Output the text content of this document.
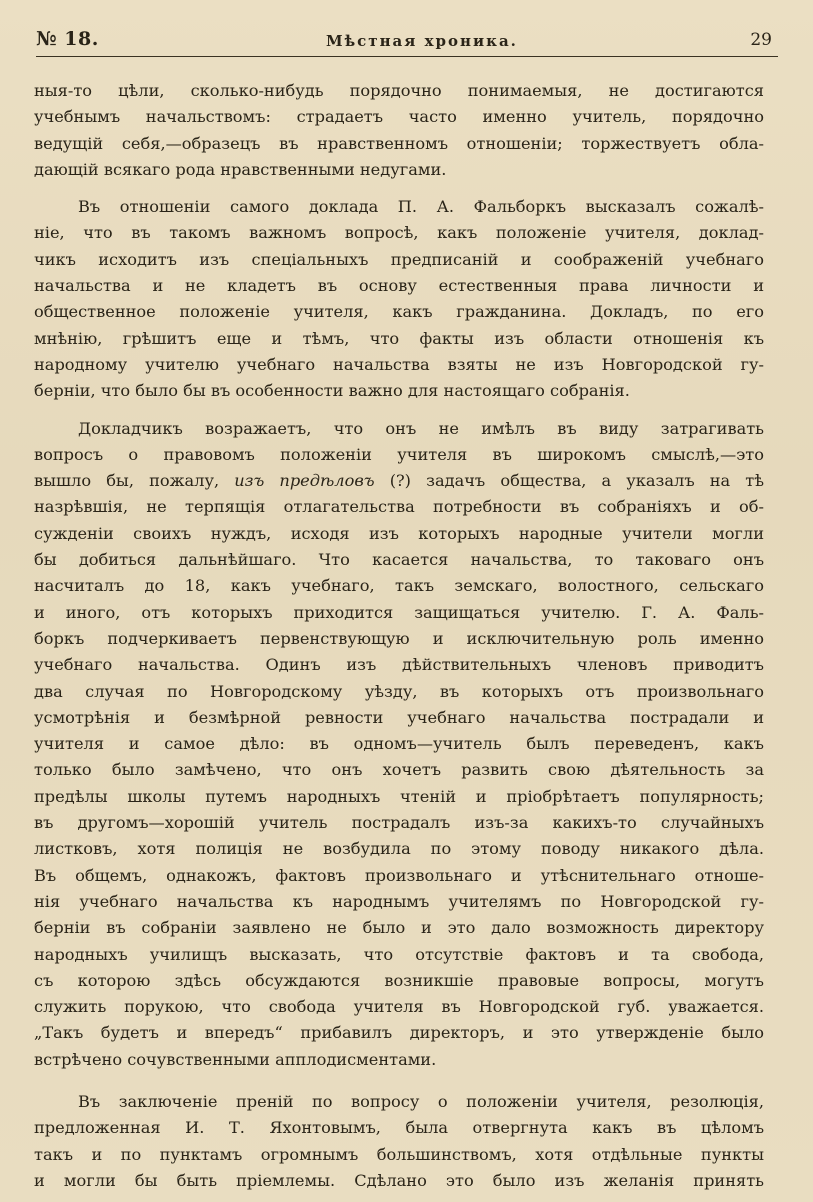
№ 18.	Мѣстная хроника.	29
ныя-то цѣли, сколько-нибудь порядочно понимаемыя, не достигаются
учебнымъ начальствомъ: страдаетъ часто именно учитель, порядочно
ведущій себя,—образецъ въ нравственномъ отношеніи; торжествуетъ обла-
дающій всякаго рода нравственными недугами.
Въ отношеніи самого доклада П. А. Фальборкъ высказалъ сожалѣ-
ніе, что въ такомъ важномъ вопросѣ, какъ положеніе учителя, доклад-
чикъ исходитъ изъ спеціальныхъ предписаній и соображеній учебнаго
начальства и не кладетъ въ основу естественныя права личности и
общественное положеніе учителя, какъ гражданина. Докладъ, по его
мнѣнію, грѣшитъ еще и тѣмъ, что факты изъ области отношенія къ
народному учителю учебнаго начальства взяты не изъ Новгородской гу-
берніи, что было бы въ особенности важно для настоящаго собранія.
Докладчикъ возражаетъ, что онъ не имѣлъ въ виду затрагивать
вопросъ о правовомъ положеніи учителя въ широкомъ смыслѣ,—это
вышло бы, пожалу, изъ предѣловъ (?) задачъ общества, а указалъ на тѣ
назрѣвшія, не терпящія отлагательства потребности въ собраніяхъ и об-
сужденіи своихъ нуждъ, исходя изъ которыхъ народные учители могли
бы добиться дальнѣйшаго. Что касается начальства, то таковаго онъ
насчиталъ до 18, какъ учебнаго, такъ земскаго, волостного, сельскаго
и иного, отъ которыхъ приходится защищаться учителю. Г. А. Фаль-
боркъ подчеркиваетъ первенствующую и исключительную роль именно
учебнаго начальства. Одинъ изъ дѣйствительныхъ членовъ приводитъ
два случая по Новгородскому уѣзду, въ которыхъ отъ произвольнаго
усмотрѣнія и безмѣрной ревности учебнаго начальства пострадали и
учителя и самое дѣло: въ одномъ—учитель былъ переведенъ, какъ
только было замѣчено, что онъ хочетъ развить свою дѣятельность за
предѣлы школы путемъ народныхъ чтеній и пріобрѣтаетъ популярность;
въ другомъ—хорошій учитель пострадалъ изъ-за какихъ-то случайныхъ
листковъ, хотя полиція не возбудила по этому поводу никакого дѣла.
Въ общемъ, однакожъ, фактовъ произвольнаго и утѣснительнаго отноше-
нія учебнаго начальства къ народнымъ учителямъ по Новгородской гу-
берніи въ собраніи заявлено не было и это дало возможность директору
народныхъ училищъ высказать, что отсутствіе фактовъ и та свобода,
съ которою здѣсь обсуждаются возникшіе правовые вопросы, могутъ
служить порукою, что свобода учителя въ Новгородской губ. уважается.
„Такъ будетъ и впередъ“ прибавилъ директоръ, и это утвержденіе было
встрѣчено сочувственными апплодисментами.
Въ заключеніе преній по вопросу о положеніи учителя, резолюція,
предложенная И. Т. Яхонтовымъ, была отвергнута какъ въ цѣломъ
такъ и по пунктамъ огромнымъ большинствомъ, хотя отдѣльные пункты
и могли бы быть пріемлемы. Сдѣлано это было изъ желанія принять
